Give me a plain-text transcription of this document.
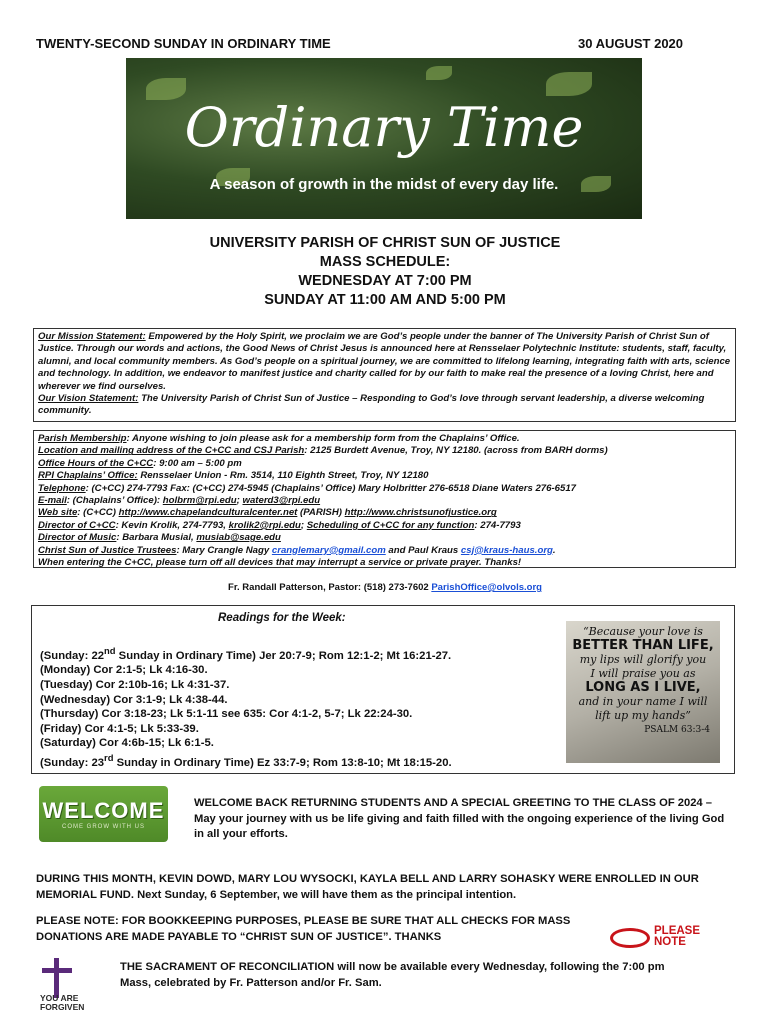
TWENTY-SECOND SUNDAY IN ORDINARY TIME	30 AUGUST 2020
Ordinary Time
A season of growth in the midst of every day life.
UNIVERSITY PARISH OF CHRIST SUN OF JUSTICE
MASS SCHEDULE:
WEDNESDAY AT 7:00 PM
SUNDAY AT 11:00 AM AND 5:00 PM

Our Mission Statement: Empowered by the Holy Spirit, we proclaim we are God’s people under the banner of The University Parish of Christ Sun of Justice. Through our words and actions, the Good News of Christ Jesus is announced here at Rensselaer Polytechnic Institute: students, staff, faculty, alumni, and local community members. As God’s people on a spiritual journey, we are committed to lifelong learning, integrating faith with arts, science and technology. In addition, we endeavor to manifest justice and charity called for by our faith to make real the presence of a loving Christ, here and wherever we find ourselves.

Our Vision Statement: The University Parish of Christ Sun of Justice – Responding to God’s love through servant leadership, a diverse welcoming community.

Parish Membership: Anyone wishing to join please ask for a membership form from the Chaplains’ Office.

Location and mailing address of the C+CC and CSJ Parish: 2125 Burdett Avenue, Troy, NY 12180. (across from BARH dorms)

Office Hours of the C+CC: 9:00 am – 5:00 pm

RPI Chaplains’ Office: Rensselaer Union - Rm. 3514, 110 Eighth Street, Troy, NY 12180

Telephone: (C+CC) 274-7793 Fax: (C+CC) 274-5945 (Chaplains’ Office) Mary Holbritter 276-6518 Diane Waters 276-6517

E-mail: (Chaplains’ Office): holbrm@rpi.edu; waterd3@rpi.edu

Web site: (C+CC) http://www.chapelandculturalcenter.net (PARISH) http://www.christsunofjustice.org

Director of C+CC: Kevin Krolik, 274-7793, krolik2@rpi.edu; Scheduling of C+CC for any function: 274-7793

Director of Music: Barbara Musial, musiab@sage.edu

Christ Sun of Justice Trustees: Mary Crangle Nagy cranglemary@gmail.com and Paul Kraus csj@kraus-haus.org.

When entering the C+CC, please turn off all devices that may interrupt a service or private prayer. Thanks!

Fr. Randall Patterson, Pastor: (518) 273-7602 ParishOffice@olvols.org
Readings for the Week:
(Sunday: 22nd Sunday in Ordinary Time) Jer 20:7-9; Rom 12:1-2; Mt 16:21-27.
(Monday) Cor 2:1-5; Lk 4:16-30.
(Tuesday) Cor 2:10b-16; Lk 4:31-37.
(Wednesday) Cor 3:1-9; Lk 4:38-44.
(Thursday) Cor 3:18-23; Lk 5:1-11 see 635: Cor 4:1-2, 5-7; Lk 22:24-30.
(Friday) Cor 4:1-5; Lk 5:33-39.
(Saturday) Cor 4:6b-15; Lk 6:1-5.
(Sunday: 23rd Sunday in Ordinary Time) Ez 33:7-9; Rom 13:8-10; Mt 18:15-20.
“Because your love is
BETTER THAN LIFE,
my lips will glorify you
I will praise you as
LONG AS I LIVE,
and in your name I will
lift up my hands”
PSALM 63:3-4
WELCOME
COME GROW WITH US
WELCOME BACK RETURNING STUDENTS AND A SPECIAL GREETING TO THE CLASS OF 2024 – May your journey with us be life giving and faith filled with the ongoing experience of the living God in all your efforts.
DURING THIS MONTH, KEVIN DOWD, MARY LOU WYSOCKI, KAYLA BELL AND LARRY SOHASKY WERE ENROLLED IN OUR MEMORIAL FUND. Next Sunday, 6 September, we will have them as the principal intention.
PLEASE NOTE: FOR BOOKKEEPING PURPOSES, PLEASE BE SURE THAT ALL CHECKS FOR MASS DONATIONS ARE MADE PAYABLE TO “CHRIST SUN OF JUSTICE”. THANKS	PLEASE
NOTE
YOU ARE
FORGIVEN
THE SACRAMENT OF RECONCILIATION will now be available every Wednesday, following the 7:00 pm Mass, celebrated by Fr. Patterson and/or Fr. Sam.
